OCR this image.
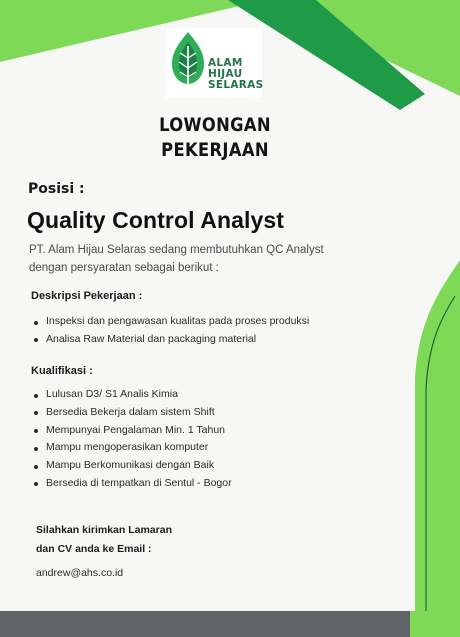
ALAM
HIJAU
SELARAS
LOWONGAN
PEKERJAAN
Posisi :
Quality Control Analyst
PT. Alam Hijau Selaras sedang membutuhkan QC Analyst
dengan persyaratan sebagai berikut :
Deskripsi Pekerjaan :
Inspeksi dan pengawasan kualitas pada proses produksi
Analisa Raw Material dan packaging material
Kualifikasi :
Lulusan D3/ S1 Analis Kimia
Bersedia Bekerja dalam sistem Shift
Mempunyai Pengalaman Min. 1 Tahun
Mampu mengoperasikan komputer
Mampu Berkomunikasi dengan Baik
Bersedia di tempatkan di Sentul - Bogor
Silahkan kirimkan Lamaran
dan CV anda ke Email :
andrew@ahs.co.id
